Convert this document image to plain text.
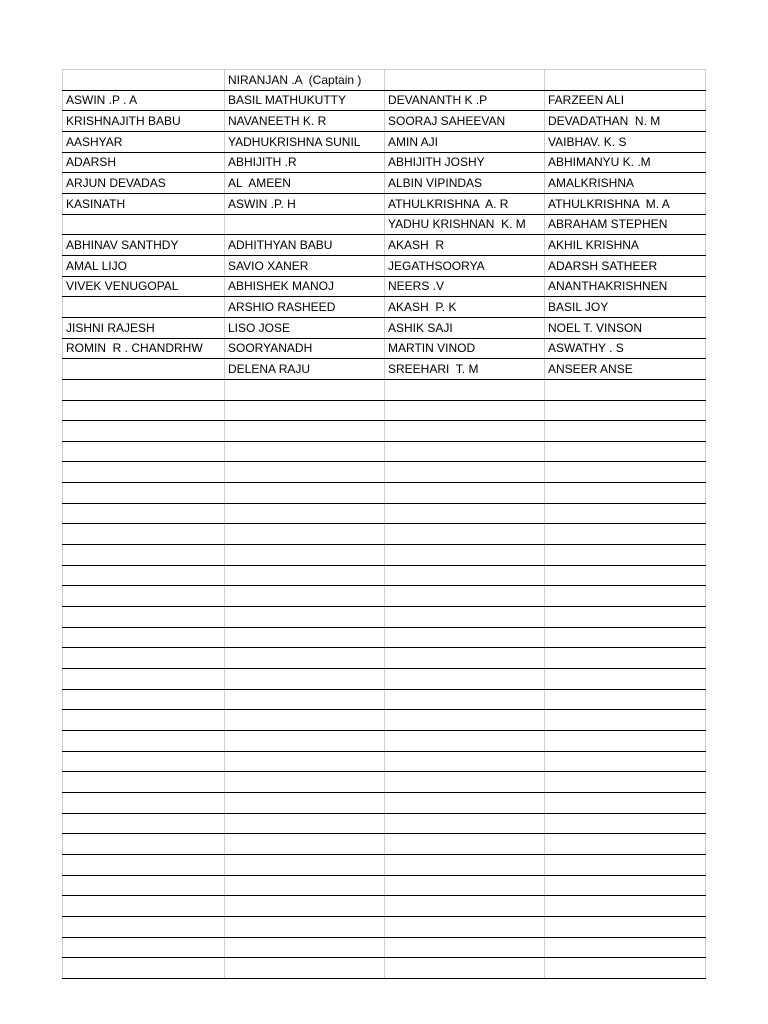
	NIRANJAN .A  (Captain )		
ASWIN .P . A	BASIL MATHUKUTTY	DEVANANTH K .P	FARZEEN ALI
KRISHNAJITH BABU	NAVANEETH K. R	SOORAJ SAHEEVAN	DEVADATHAN  N. M
AASHYAR	YADHUKRISHNA SUNIL	AMIN AJI	VAIBHAV. K. S
ADARSH	ABHIJITH .R	ABHIJITH JOSHY	ABHIMANYU K. .M
ARJUN DEVADAS	AL  AMEEN	ALBIN VIPINDAS	AMALKRISHNA
KASINATH	ASWIN .P. H	ATHULKRISHNA  A. R	ATHULKRISHNA  M. A
		YADHU KRISHNAN  K. M	ABRAHAM STEPHEN
ABHINAV SANTHDY	ADHITHYAN BABU	AKASH  R	AKHIL KRISHNA
AMAL LIJO	SAVIO XANER	JEGATHSOORYA	ADARSH SATHEER
VIVEK VENUGOPAL	ABHISHEK MANOJ	NEERS .V	ANANTHAKRISHNEN
	ARSHIO RASHEED	AKASH  P. K	BASIL JOY
JISHNI RAJESH	LISO JOSE	ASHIK SAJI	NOEL T. VINSON
ROMIN  R . CHANDRHW	SOORYANADH	MARTIN VINOD	ASWATHY . S
	DELENA RAJU	SREEHARI  T. M	ANSEER ANSE
